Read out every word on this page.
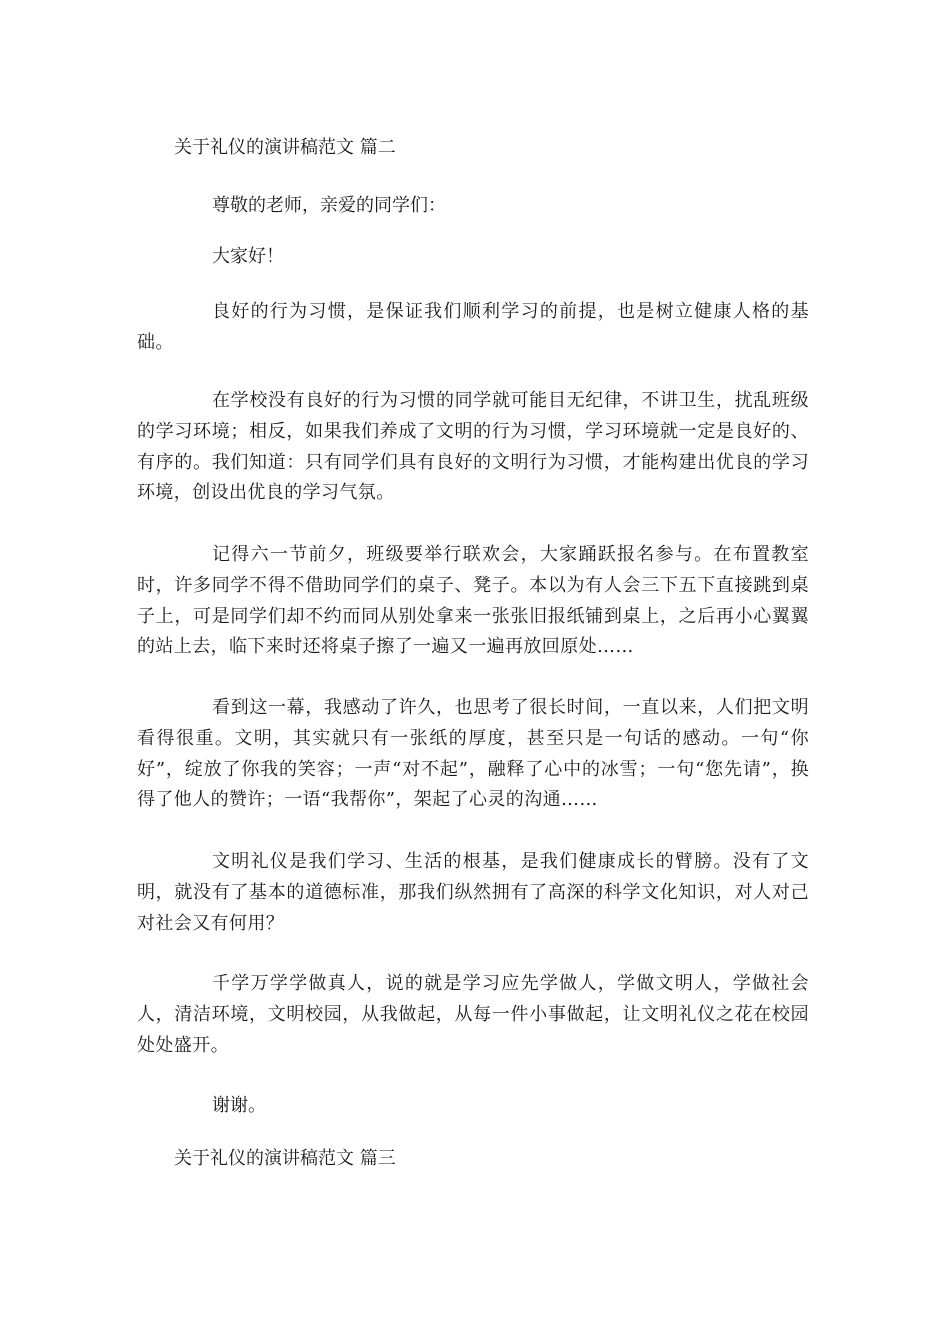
关于礼仪的演讲稿范文 篇二

尊敬的老师，亲爱的同学们：

大家好！

良好的行为习惯，是保证我们顺利学习的前提，也是树立健康人格的基础。

在学校没有良好的行为习惯的同学就可能目无纪律，不讲卫生，扰乱班级的学习环境；相反，如果我们养成了文明的行为习惯，学习环境就一定是良好的、有序的。我们知道：只有同学们具有良好的文明行为习惯，才能构建出优良的学习环境，创设出优良的学习气氛。

记得六一节前夕，班级要举行联欢会，大家踊跃报名参与。在布置教室时，许多同学不得不借助同学们的桌子、凳子。本以为有人会三下五下直接跳到桌子上，可是同学们却不约而同从别处拿来一张张旧报纸铺到桌上，之后再小心翼翼的站上去，临下来时还将桌子擦了一遍又一遍再放回原处……

看到这一幕，我感动了许久，也思考了很长时间，一直以来，人们把文明看得很重。文明，其实就只有一张纸的厚度，甚至只是一句话的感动。一句“你好”，绽放了你我的笑容；一声“对不起”，融释了心中的冰雪；一句“您先请”，换得了他人的赞许；一语“我帮你”，架起了心灵的沟通……

文明礼仪是我们学习、生活的根基，是我们健康成长的臂膀。没有了文明，就没有了基本的道德标准，那我们纵然拥有了高深的科学文化知识，对人对己对社会又有何用？

千学万学学做真人，说的就是学习应先学做人，学做文明人，学做社会人，清洁环境，文明校园，从我做起，从每一件小事做起，让文明礼仪之花在校园处处盛开。

谢谢。

关于礼仪的演讲稿范文 篇三
